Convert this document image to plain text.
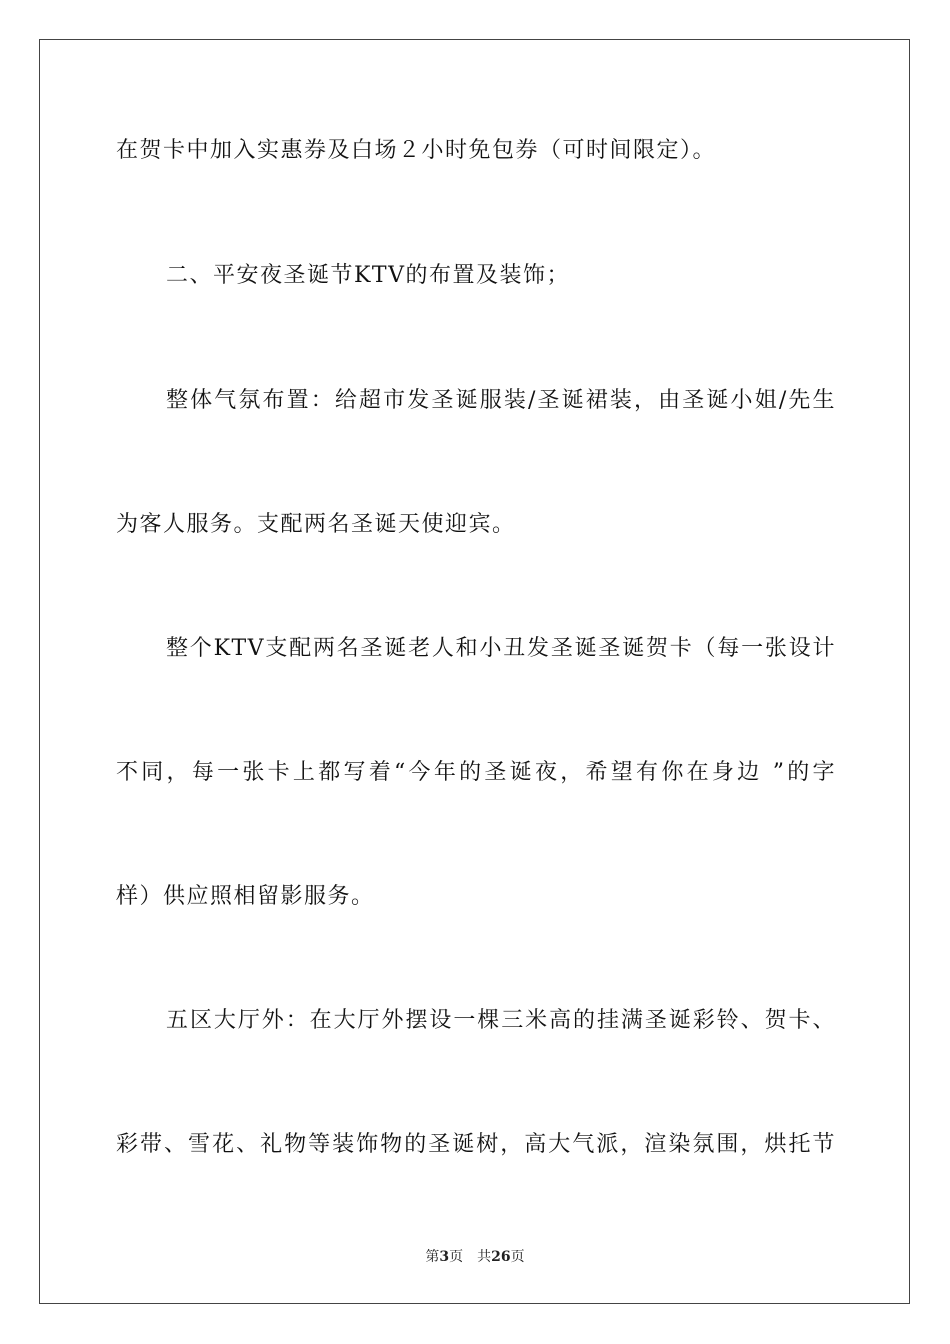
在贺卡中加入实惠券及白场２小时免包券（可时间限定）。
二、平安夜圣诞节KTV的布置及装饰；
整体气氛布置：给超市发圣诞服装/圣诞裙装，由圣诞小姐/先生
为客人服务。支配两名圣诞天使迎宾。
整个KTV支配两名圣诞老人和小丑发圣诞圣诞贺卡（每一张设计
不同，每一张卡上都写着“今年的圣诞夜，希望有你在身边 ”的字
样）供应照相留影服务。
五区大厅外：在大厅外摆设一棵三米高的挂满圣诞彩铃、贺卡、
彩带、雪花、礼物等装饰物的圣诞树，高大气派，渲染氛围，烘托节
第3页 共26页
